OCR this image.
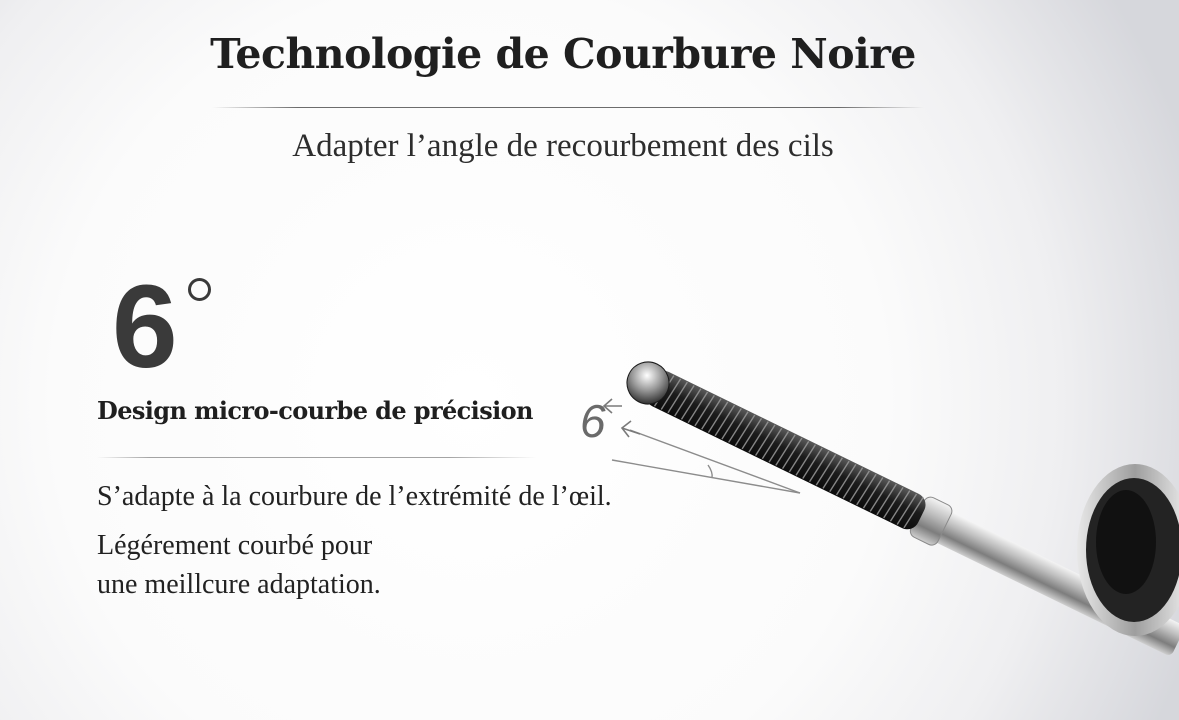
Technologie de Courbure Noire

Adapter l’angle de recourbement des cils

6
Design micro-courbe de précision 6

S’adapte à la courbure de l’extrémité de l’œil.

Légérement courbé pour

une meillcure adaptation.
